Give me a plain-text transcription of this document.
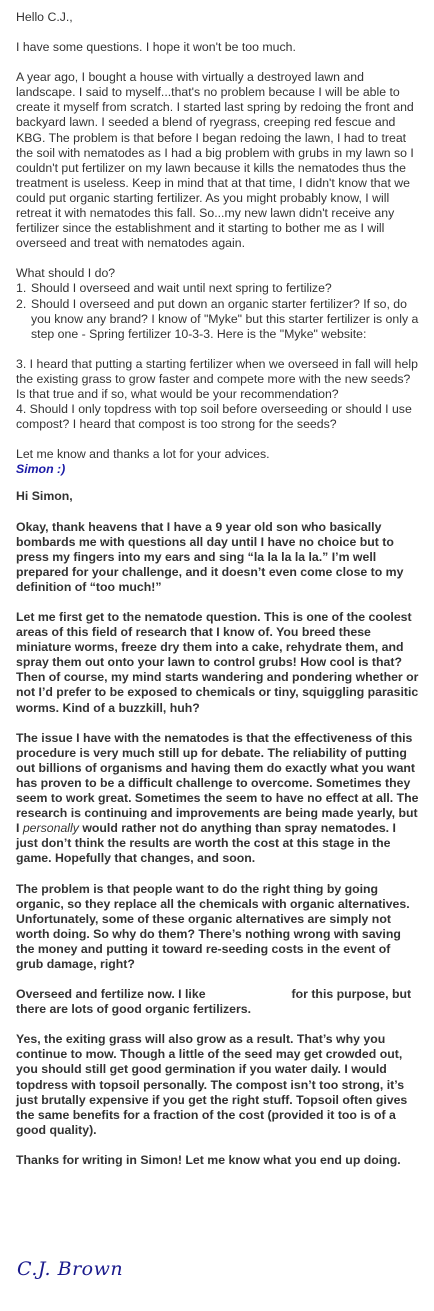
Hello C.J.,

I have some questions. I hope it won't be too much.

A year ago, I bought a house with virtually a destroyed lawn and landscape. I said to myself...that's no problem because I will be able to create it myself from scratch. I started last spring by redoing the front and backyard lawn. I seeded a blend of ryegrass, creeping red fescue and KBG. The problem is that before I began redoing the lawn, I had to treat the soil with nematodes as I had a big problem with grubs in my lawn so I couldn't put fertilizer on my lawn because it kills the nematodes thus the treatment is useless. Keep in mind that at that time, I didn't know that we could put organic starting fertilizer. As you might probably know, I will retreat it with nematodes this fall. So...my new lawn didn't receive any fertilizer since the establishment and it starting to bother me as I will overseed and treat with nematodes again.

What should I do?

1. Should I overseed and wait until next spring to fertilize?
2. Should I overseed and put down an organic starter fertilizer? If so, do you know any brand? I know of "Myke" but this starter fertilizer is only a step one - Spring fertilizer 10-3-3. Here is the "Myke" website:

3. I heard that putting a starting fertilizer when we overseed in fall will help the existing grass to grow faster and compete more with the new seeds? Is that true and if so, what would be your recommendation?

4. Should I only topdress with top soil before overseeding or should I use compost? I heard that compost is too strong for the seeds?

Let me know and thanks a lot for your advices.

Simon :)

Hi Simon,

Okay, thank heavens that I have a 9 year old son who basically bombards me with questions all day until I have no choice but to press my fingers into my ears and sing “la la la la la.” I’m well prepared for your challenge, and it doesn’t even come close to my definition of “too much!”

Let me first get to the nematode question. This is one of the coolest areas of this field of research that I know of. You breed these miniature worms, freeze dry them into a cake, rehydrate them, and spray them out onto your lawn to control grubs! How cool is that? Then of course, my mind starts wandering and pondering whether or not I’d prefer to be exposed to chemicals or tiny, squiggling parasitic worms. Kind of a buzzkill, huh?

The issue I have with the nematodes is that the effectiveness of this procedure is very much still up for debate. The reliability of putting out billions of organisms and having them do exactly what you want has proven to be a difficult challenge to overcome. Sometimes they seem to work great. Sometimes the seem to have no effect at all. The research is continuing and improvements are being made yearly, but I personally would rather not do anything than spray nematodes. I just don’t think the results are worth the cost at this stage in the game. Hopefully that changes, and soon.

The problem is that people want to do the right thing by going organic, so they replace all the chemicals with organic alternatives. Unfortunately, some of these organic alternatives are simply not worth doing. So why do them? There’s nothing wrong with saving the money and putting it toward re-seeding costs in the event of grub damage, right?

Overseed and fertilize now. I like	for this purpose, but there are lots of good organic fertilizers.

Yes, the exiting grass will also grow as a result. That’s why you continue to mow. Though a little of the seed may get crowded out, you should still get good germination if you water daily. I would topdress with topsoil personally. The compost isn’t too strong, it’s just brutally expensive if you get the right stuff. Topsoil often gives the same benefits for a fraction of the cost (provided it too is of a good quality).

Thanks for writing in Simon! Let me know what you end up doing.

C.J. Brown
